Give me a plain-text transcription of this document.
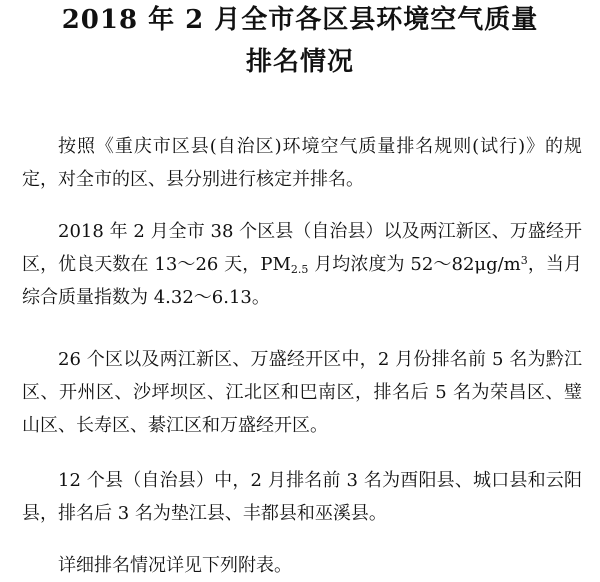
2018 年 2 月全市各区县环境空气质量
排名情况

按照《重庆市区县(自治区)环境空气质量排名规则(试行)》的规定，对全市的区、县分别进行核定并排名。

2018 年 2 月全市 38 个区县（自治县）以及两江新区、万盛经开区，优良天数在 13～26 天，$PM_{2.5}$ 月均浓度为 $52\sim 82\mu g/m^3$，当月综合质量指数为 4.32～6.13。

26 个区以及两江新区、万盛经开区中，2 月份排名前 5 名为黔江区、开州区、沙坪坝区、江北区和巴南区，排名后 5 名为荣昌区、璧山区、长寿区、綦江区和万盛经开区。

12 个县（自治县）中，2 月排名前 3 名为酉阳县、城口县和云阳县，排名后 3 名为垫江县、丰都县和巫溪县。

详细排名情况详见下列附表。
